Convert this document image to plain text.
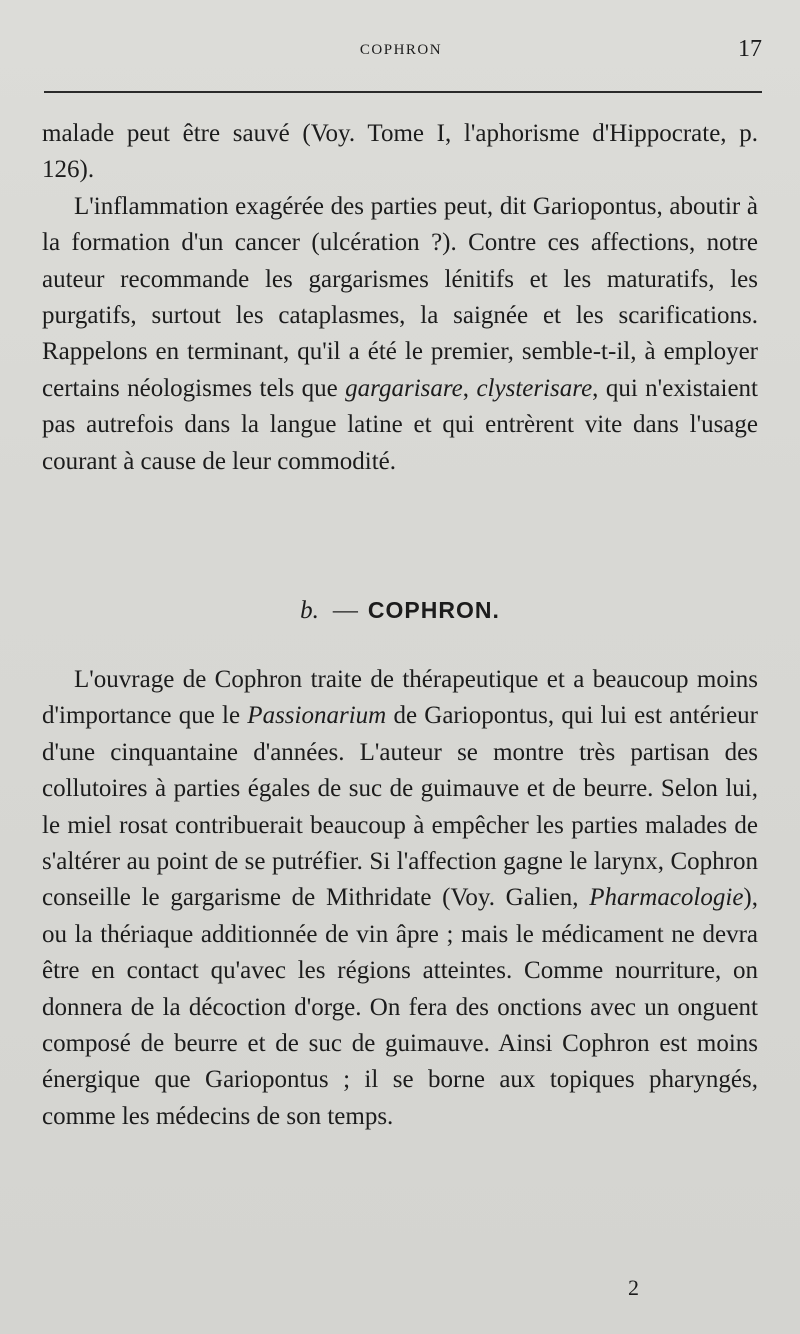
COPHRON	17

malade peut être sauvé (Voy. Tome I, l'aphorisme d'Hippocrate, p. 126).

L'inflammation exagérée des parties peut, dit Gariopontus, aboutir à la formation d'un cancer (ulcération ?). Contre ces affections, notre auteur recommande les gargarismes lénitifs et les maturatifs, les purgatifs, surtout les cataplasmes, la saignée et les scarifications. Rappelons en terminant, qu'il a été le premier, semble-t-il, à employer certains néologismes tels que gargarisare, clysterisare, qui n'existaient pas autrefois dans la langue latine et qui entrèrent vite dans l'usage courant à cause de leur commodité.

b. — COPHRON.

L'ouvrage de Cophron traite de thérapeutique et a beaucoup moins d'importance que le Passionarium de Gariopontus, qui lui est antérieur d'une cinquantaine d'années. L'auteur se montre très partisan des collutoires à parties égales de suc de guimauve et de beurre. Selon lui, le miel rosat contribuerait beaucoup à empêcher les parties malades de s'altérer au point de se putréfier. Si l'affection gagne le larynx, Cophron conseille le gargarisme de Mithridate (Voy. Galien, Pharmacologie), ou la thériaque additionnée de vin âpre ; mais le médicament ne devra être en contact qu'avec les régions atteintes. Comme nourriture, on donnera de la décoction d'orge. On fera des onctions avec un onguent composé de beurre et de suc de guimauve. Ainsi Cophron est moins énergique que Gariopontus ; il se borne aux topiques pharyngés, comme les médecins de son temps.

2
